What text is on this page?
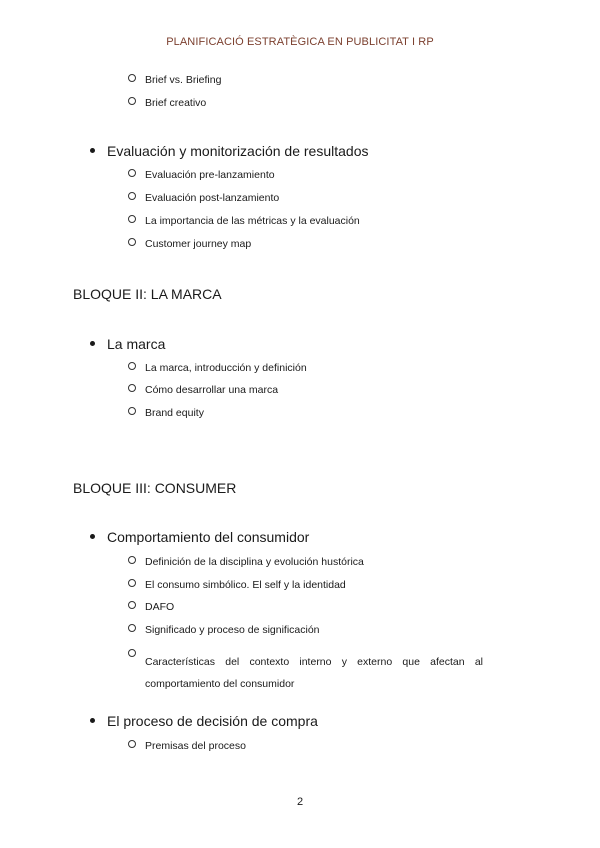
PLANIFICACIÓ ESTRATÈGICA EN PUBLICITAT I RP
Brief vs. Briefing
Brief creativo
Evaluación y monitorización de resultados
Evaluación pre-lanzamiento
Evaluación post-lanzamiento
La importancia de las métricas y la evaluación
Customer journey map
BLOQUE II: LA MARCA
La marca
La marca, introducción y definición
Cómo desarrollar una marca
Brand equity
BLOQUE III: CONSUMER
Comportamiento del consumidor
Definición de la disciplina y evolución hustórica
El consumo simbólico. El self y la identidad
DAFO
Significado y proceso de significación
Características del contexto interno y externo que afectan al
comportamiento del consumidor
El proceso de decisión de compra
Premisas del proceso
2
